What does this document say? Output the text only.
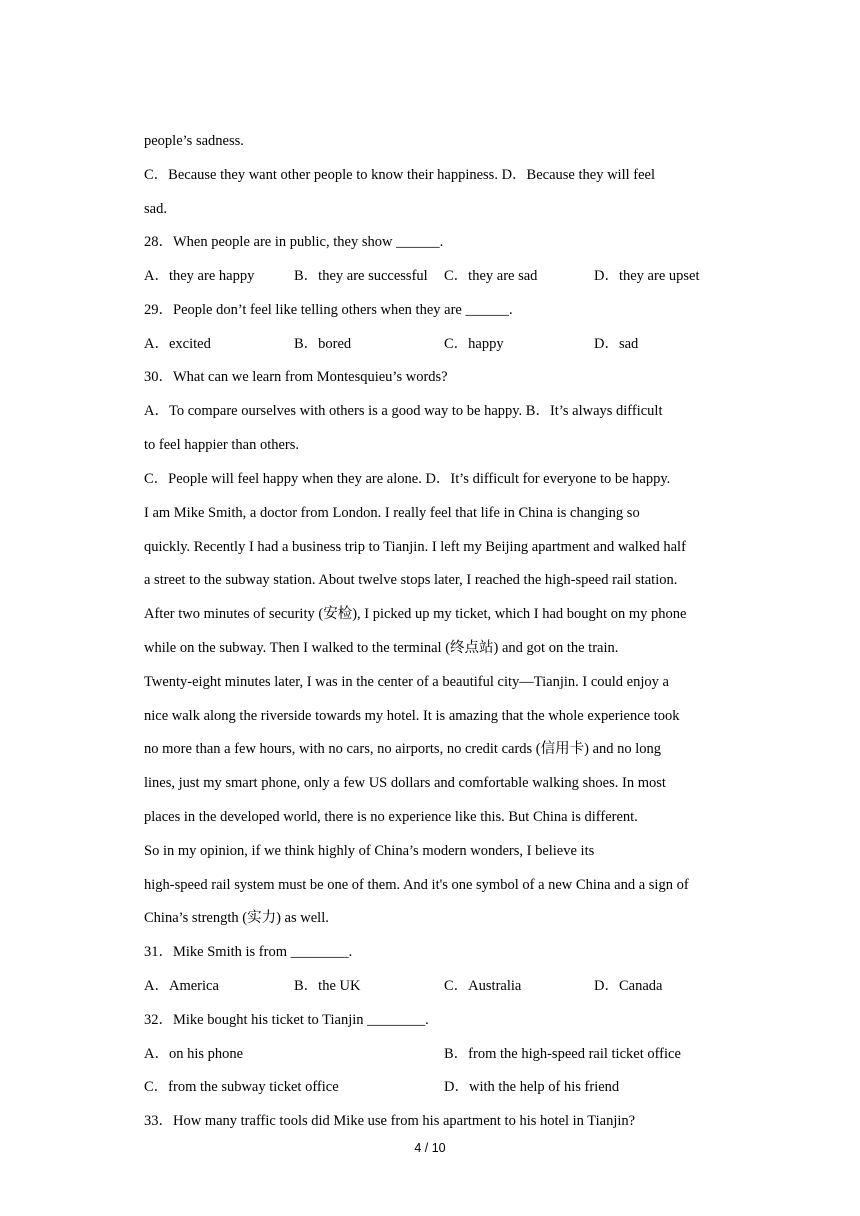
people’s sadness.
C．Because they want other people to know their happiness. D．Because they will feel
sad.
28．When people are in public, they show ______.
A．they are happy	B．they are successful C．they are sad	D．they are upset
29．People don’t feel like telling others when they are ______.
A．excited	B．bored	C．happy	D．sad
30．What can we learn from Montesquieu’s words?
A．To compare ourselves with others is a good way to be happy. B．It’s always difficult
to feel happier than others.
C．People will feel happy when they are alone. D．It’s difficult for everyone to be happy.
I am Mike Smith, a doctor from London. I really feel that life in China is changing so
quickly. Recently I had a business trip to Tianjin. I left my Beijing apartment and walked half
a street to the subway station. About twelve stops later, I reached the high-speed rail station.
After two minutes of security (安检), I picked up my ticket, which I had bought on my phone
while on the subway. Then I walked to the terminal (终点站) and got on the train.
Twenty-eight minutes later, I was in the center of a beautiful city—Tianjin. I could enjoy a
nice walk along the riverside towards my hotel. It is amazing that the whole experience took
no more than a few hours, with no cars, no airports, no credit cards (信用卡) and no long
lines, just my smart phone, only a few US dollars and comfortable walking shoes. In most
places in the developed world, there is no experience like this. But China is different.
So in my opinion, if we think highly of China’s modern wonders, I believe its
high-speed rail system must be one of them. And it's one symbol of a new China and a sign of
China’s strength (实力) as well.
31．Mike Smith is from ________.
A．America	B．the UK	C．Australia	D．Canada
32．Mike bought his ticket to Tianjin ________.
A．on his phone	B．from the high-speed rail ticket office
C．from the subway ticket office	D．with the help of his friend
33．How many traffic tools did Mike use from his apartment to his hotel in Tianjin?
4 / 10
